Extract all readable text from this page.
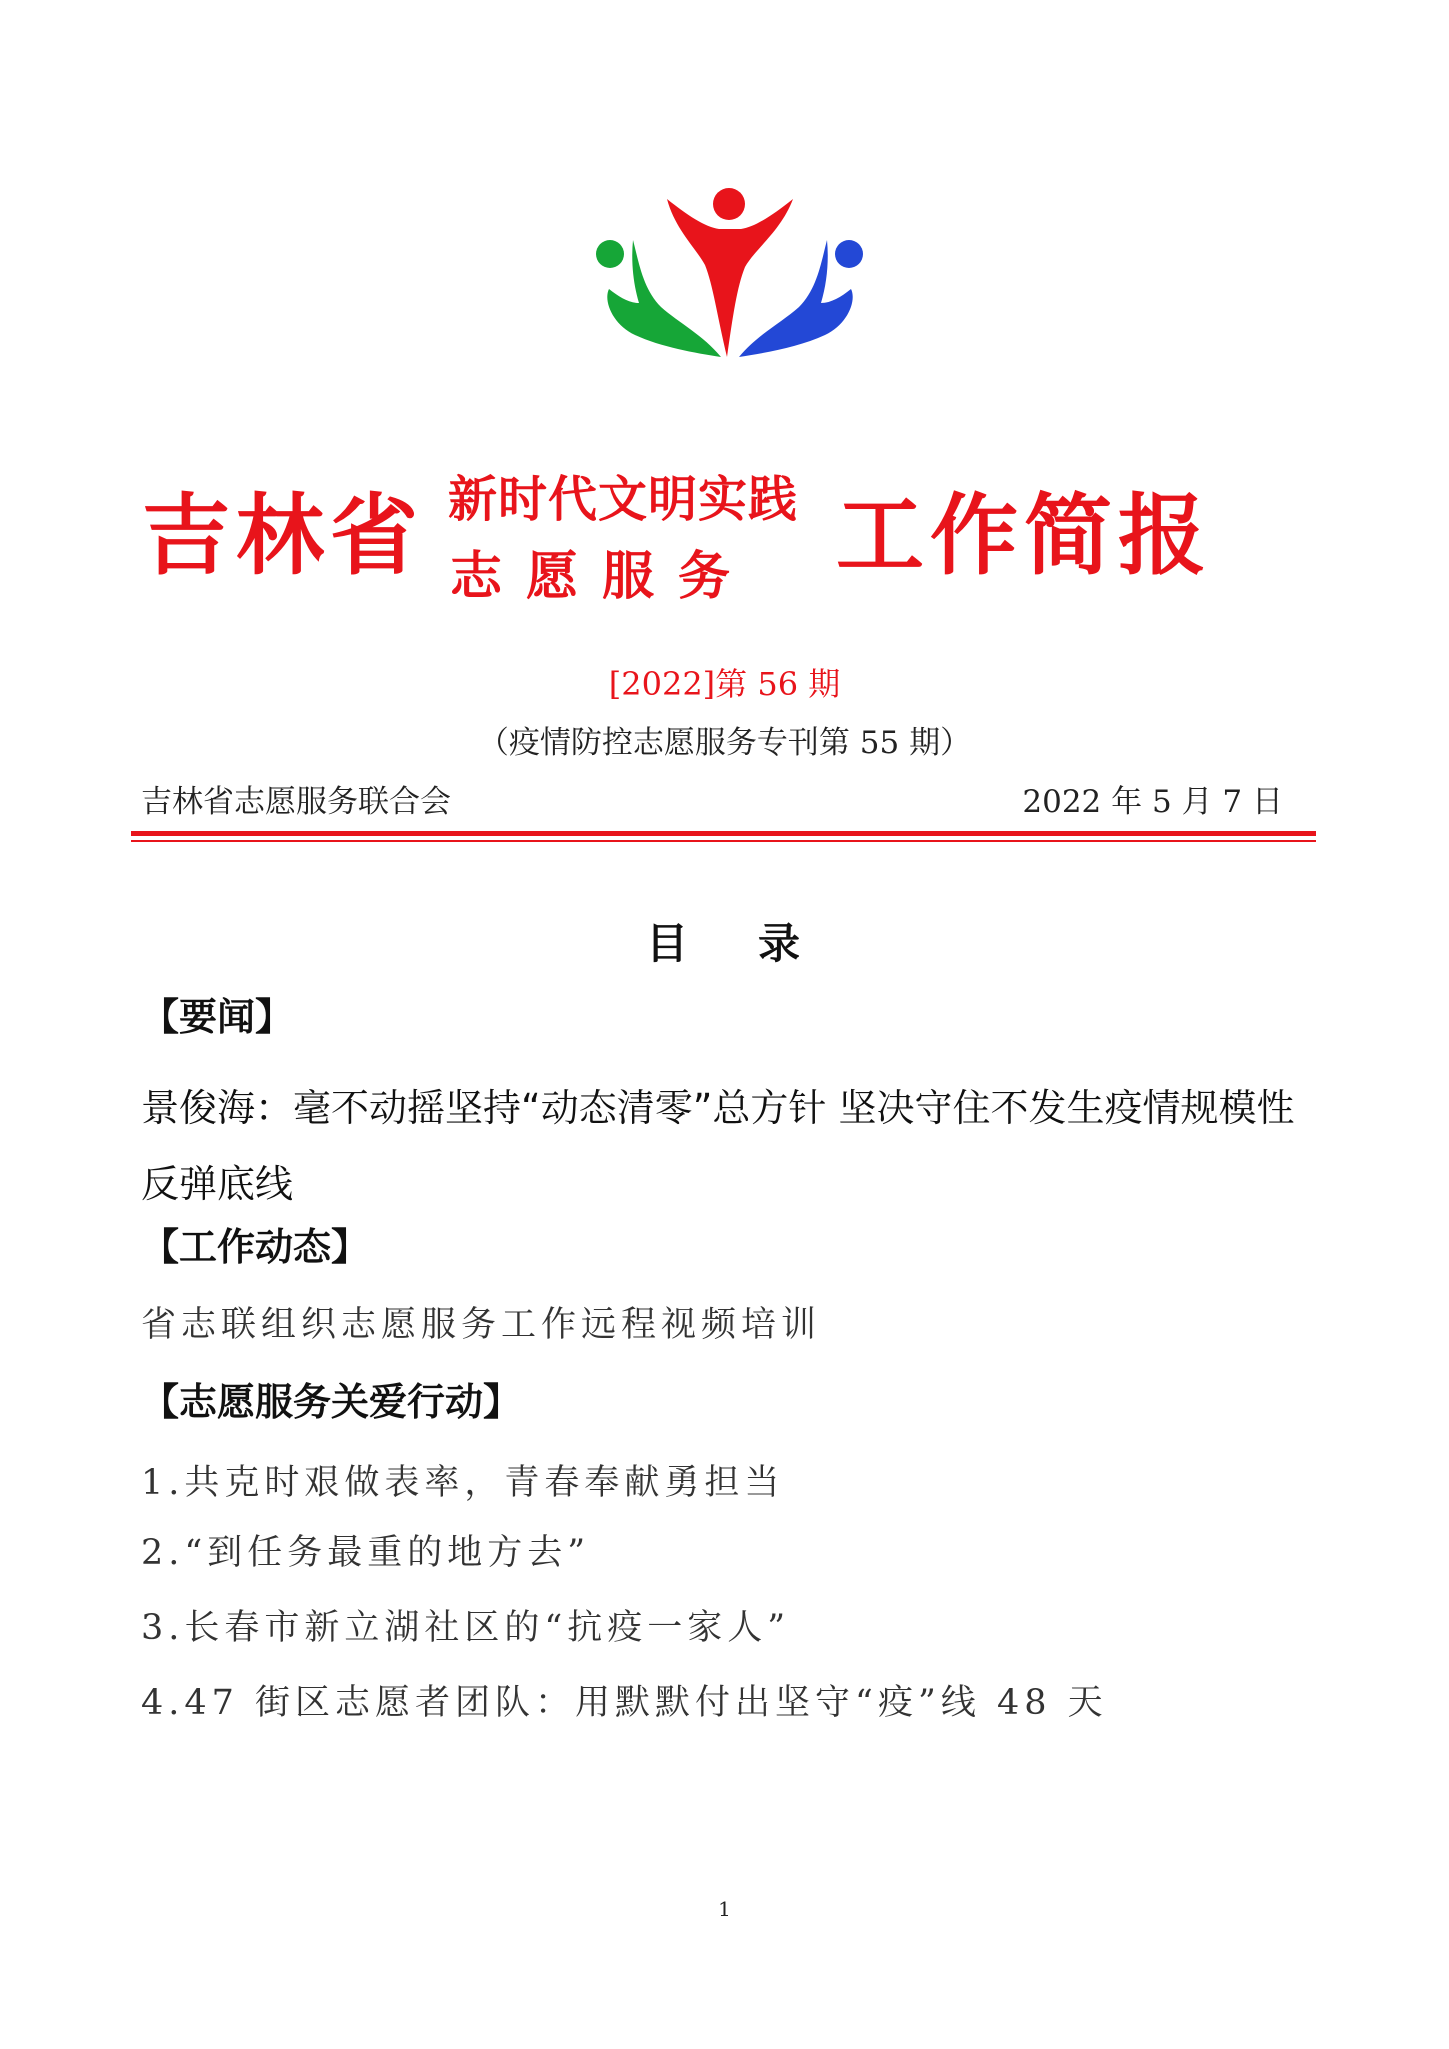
吉林省 新时代文明实践
志愿服务 工作简报
[2022]第 56 期
（疫情防控志愿服务专刊第 55 期）
吉林省志愿服务联合会	2022 年 5 月 7 日
目录
【要闻】
景俊海：毫不动摇坚持“动态清零”总方针 坚决守住不发生疫情规模性反弹底线
【工作动态】
省志联组织志愿服务工作远程视频培训
【志愿服务关爱行动】
1.共克时艰做表率，青春奉献勇担当
2.“到任务最重的地方去”
3.长春市新立湖社区的“抗疫一家人”
4.47 街区志愿者团队：用默默付出坚守“疫”线 48 天
1
